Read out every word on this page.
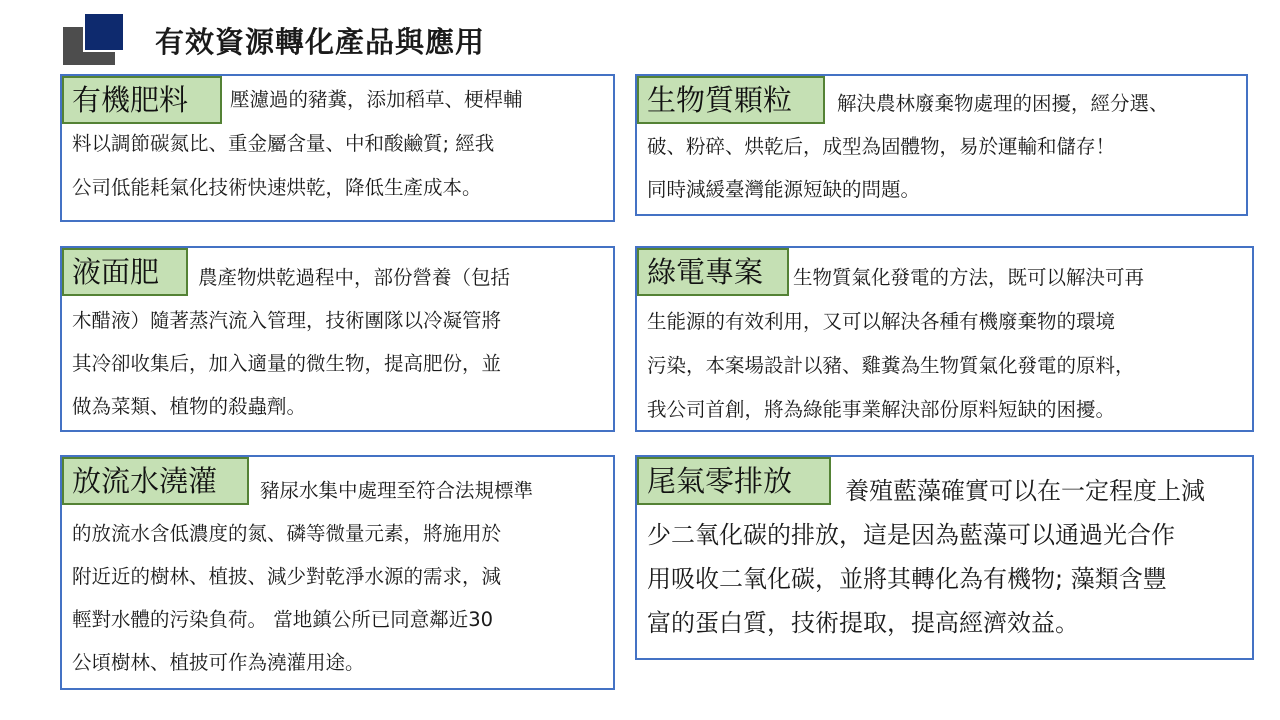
有效資源轉化產品與應用
有機肥料	壓濾過的豬糞，添加稻草、梗桿輔
料以調節碳氮比、重金屬含量、中和酸鹼質; 經我
公司低能耗氣化技術快速烘乾，降低生產成本。
生物質顆粒	解決農林廢棄物處理的困擾，經分選、
破、粉碎、烘乾后，成型為固體物，易於運輸和儲存！
同時減緩臺灣能源短缺的問題。
液面肥	農產物烘乾過程中，部份營養（包括
木醋液）隨著蒸汽流入管理，技術團隊以冷凝管將
其冷卻收集后，加入適量的微生物，提高肥份，並
做為菜類、植物的殺蟲劑。
綠電專案	生物質氣化發電的方法，既可以解決可再
生能源的有效利用，又可以解決各種有機廢棄物的環境
污染，本案場設計以豬、雞糞為生物質氣化發電的原料，
我公司首創，將為綠能事業解決部份原料短缺的困擾。
放流水澆灌	豬尿水集中處理至符合法規標準
的放流水含低濃度的氮、磷等微量元素，將施用於
附近近的樹林、植披、減少對乾淨水源的需求，減
輕對水體的污染負荷。 當地鎮公所已同意鄰近30
公頃樹林、植披可作為澆灌用途。
尾氣零排放	養殖藍藻確實可以在一定程度上減
少二氧化碳的排放，這是因為藍藻可以通過光合作
用吸收二氧化碳，並將其轉化為有機物; 藻類含豐
富的蛋白質，技術提取，提高經濟效益。
